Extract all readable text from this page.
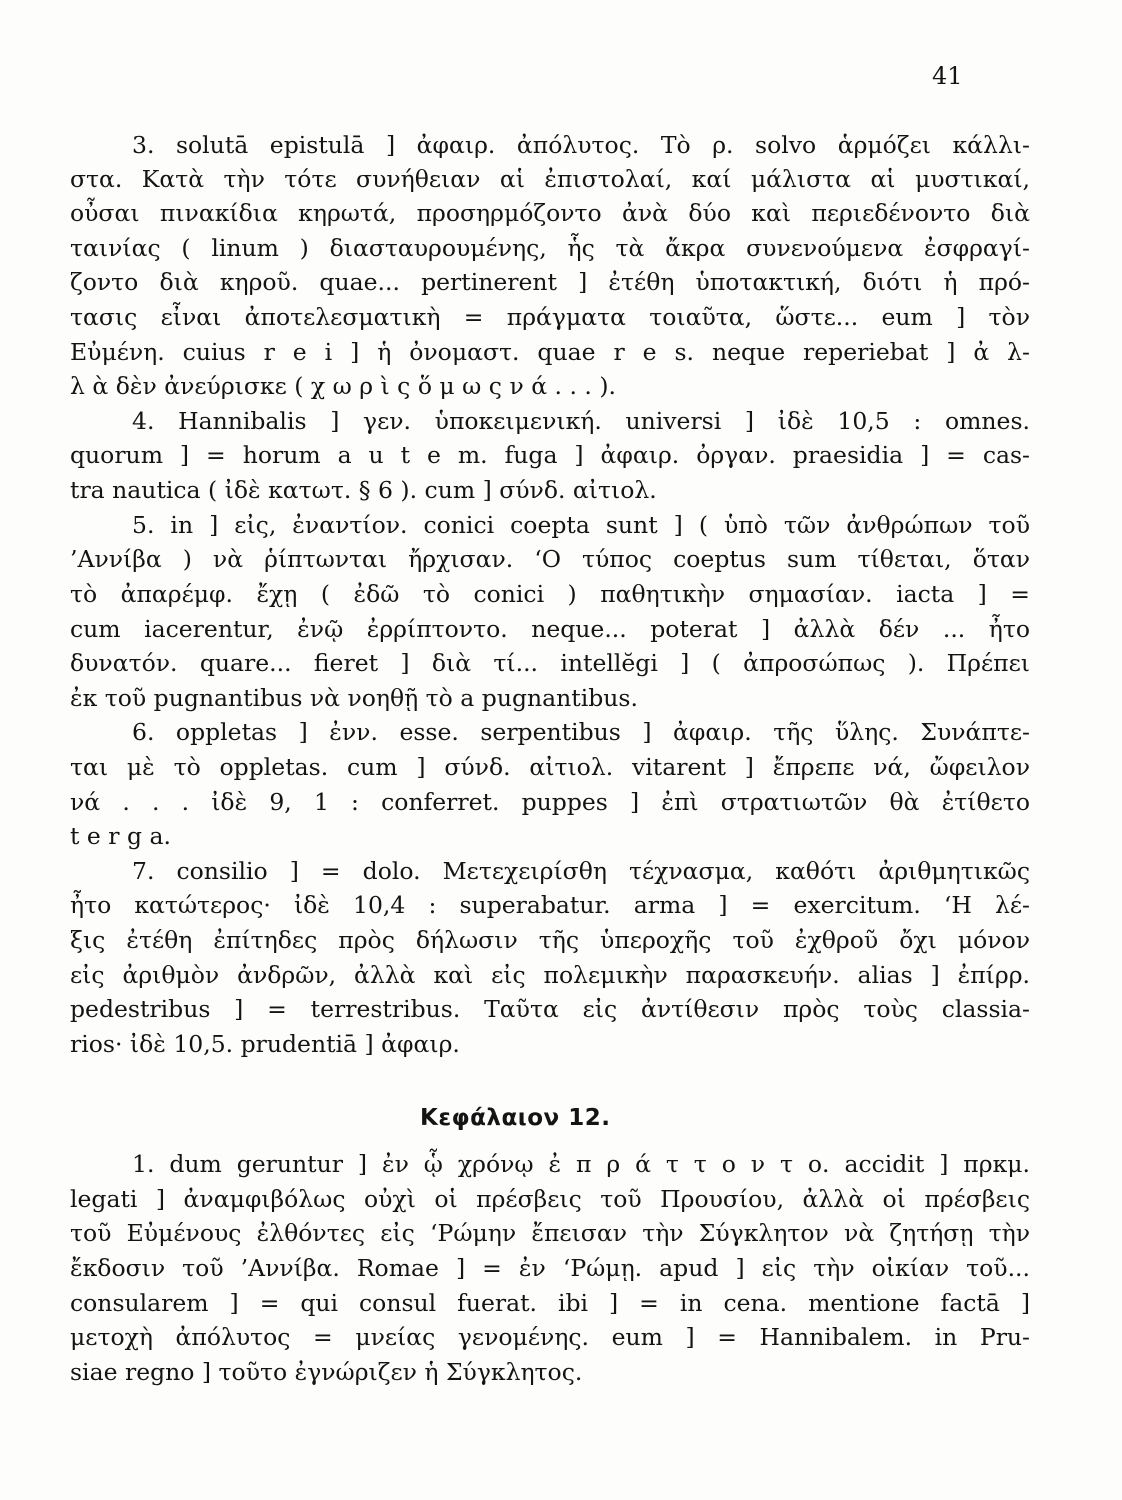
41
3. solutā epistulā ] ἀφαιρ. ἀπόλυτος. Τὸ ρ. solvo ἁρμόζει κάλλι-
στα. Κατὰ τὴν τότε συνήθειαν αἱ ἐπιστολαί, καί μάλιστα αἱ μυστικαί,
οὖσαι πινακίδια κηρωτά, προσηρμόζοντο ἀνὰ δύο καὶ περιεδένοντο διὰ
ταινίας ( linum ) διασταυρουμένης, ἧς τὰ ἄκρα συνενούμενα ἐσφραγί-
ζοντο διὰ κηροῦ. quae... pertinerent ] ἐτέθη ὑποτακτική, διότι ἡ πρό-
τασις εἶναι ἀποτελεσματικὴ = πράγματα τοιαῦτα, ὥστε... eum ] τὸν
Εὐμένη. cuius r e i ] ἡ ὀνομαστ. quae r e s. neque reperiebat ] ἀ λ-
λ ὰ δὲν ἀνεύρισκε ( χ ω ρ ὶ ς ὅ μ ω ς ν ά . . . ).
4. Hannibalis ] γεν. ὑποκειμενική. universi ] ἰδὲ 10,5 : omnes.
quorum ] = horum a u t e m. fuga ] ἀφαιρ. ὀργαν. praesidia ] = cas-
tra nautica ( ἰδὲ κατωτ. § 6 ). cum ] σύνδ. αἰτιολ.
5. in ] εἰς, ἐναντίον. conici coepta sunt ] ( ὑπὸ τῶν ἀνθρώπων τοῦ
’Αννίβα ) νὰ ῥίπτωνται ἤρχισαν. ‘Ο τύπος coeptus sum τίθεται, ὅταν
τὸ ἀπαρέμφ. ἔχῃ ( ἐδῶ τὸ conici ) παθητικὴν σημασίαν. iacta ] =
cum iacerentur, ἐνῷ ἐρρίπτοντο. neque... poterat ] ἀλλὰ δέν ... ἦτο
δυνατόν. quare... fieret ] διὰ τί... intellĕgi ] ( ἀπροσώπως ). Πρέπει
ἐκ τοῦ pugnantibus νὰ νοηθῇ τὸ a pugnantibus.
6. oppletas ] ἐνν. esse. serpentibus ] ἀφαιρ. τῆς ὕλης. Συνάπτε-
ται μὲ τὸ oppletas. cum ] σύνδ. αἰτιολ. vitarent ] ἔπρεπε νά, ὤφειλον
νά . . . ἰδὲ 9, 1 : conferret. puppes ] ἐπὶ στρατιωτῶν θὰ ἐτίθετο
t e r g a.
7. consilio ] = dolo. Μετεχειρίσθη τέχνασμα, καθότι ἀριθμητικῶς
ἦτο κατώτερος· ἰδὲ 10,4 : superabatur. arma ] = exercitum. ‘Η λέ-
ξις ἐτέθη ἐπίτηδες πρὸς δήλωσιν τῆς ὑπεροχῆς τοῦ ἐχθροῦ ὄχι μόνον
εἰς ἀριθμὸν ἀνδρῶν, ἀλλὰ καὶ εἰς πολεμικὴν παρασκευήν. alias ] ἐπίρρ.
pedestribus ] = terrestribus. Ταῦτα εἰς ἀντίθεσιν πρὸς τοὺς classia-
rios· ἰδὲ 10,5. prudentiā ] ἀφαιρ.
Κεφάλαιον 12.
1. dum geruntur ] ἐν ᾧ χρόνῳ ἐ π ρ ά τ τ ο ν τ ο. accidit ] πρκμ.
legati ] ἀναμφιβόλως οὐχὶ οἱ πρέσβεις τοῦ Προυσίου, ἀλλὰ οἱ πρέσβεις
τοῦ Εὐμένους ἐλθόντες εἰς ‘Ρώμην ἔπεισαν τὴν Σύγκλητον νὰ ζητήσῃ τὴν
ἔκδοσιν τοῦ ’Αννίβα. Romae ] = ἐν ‘Ρώμῃ. apud ] εἰς τὴν οἰκίαν τοῦ...
consularem ] = qui consul fuerat. ibi ] = in cena. mentione factā ]
μετοχὴ ἀπόλυτος = μνείας γενομένης. eum ] = Hannibalem. in Pru-
siae regno ] τοῦτο ἐγνώριζεν ἡ Σύγκλητος.
